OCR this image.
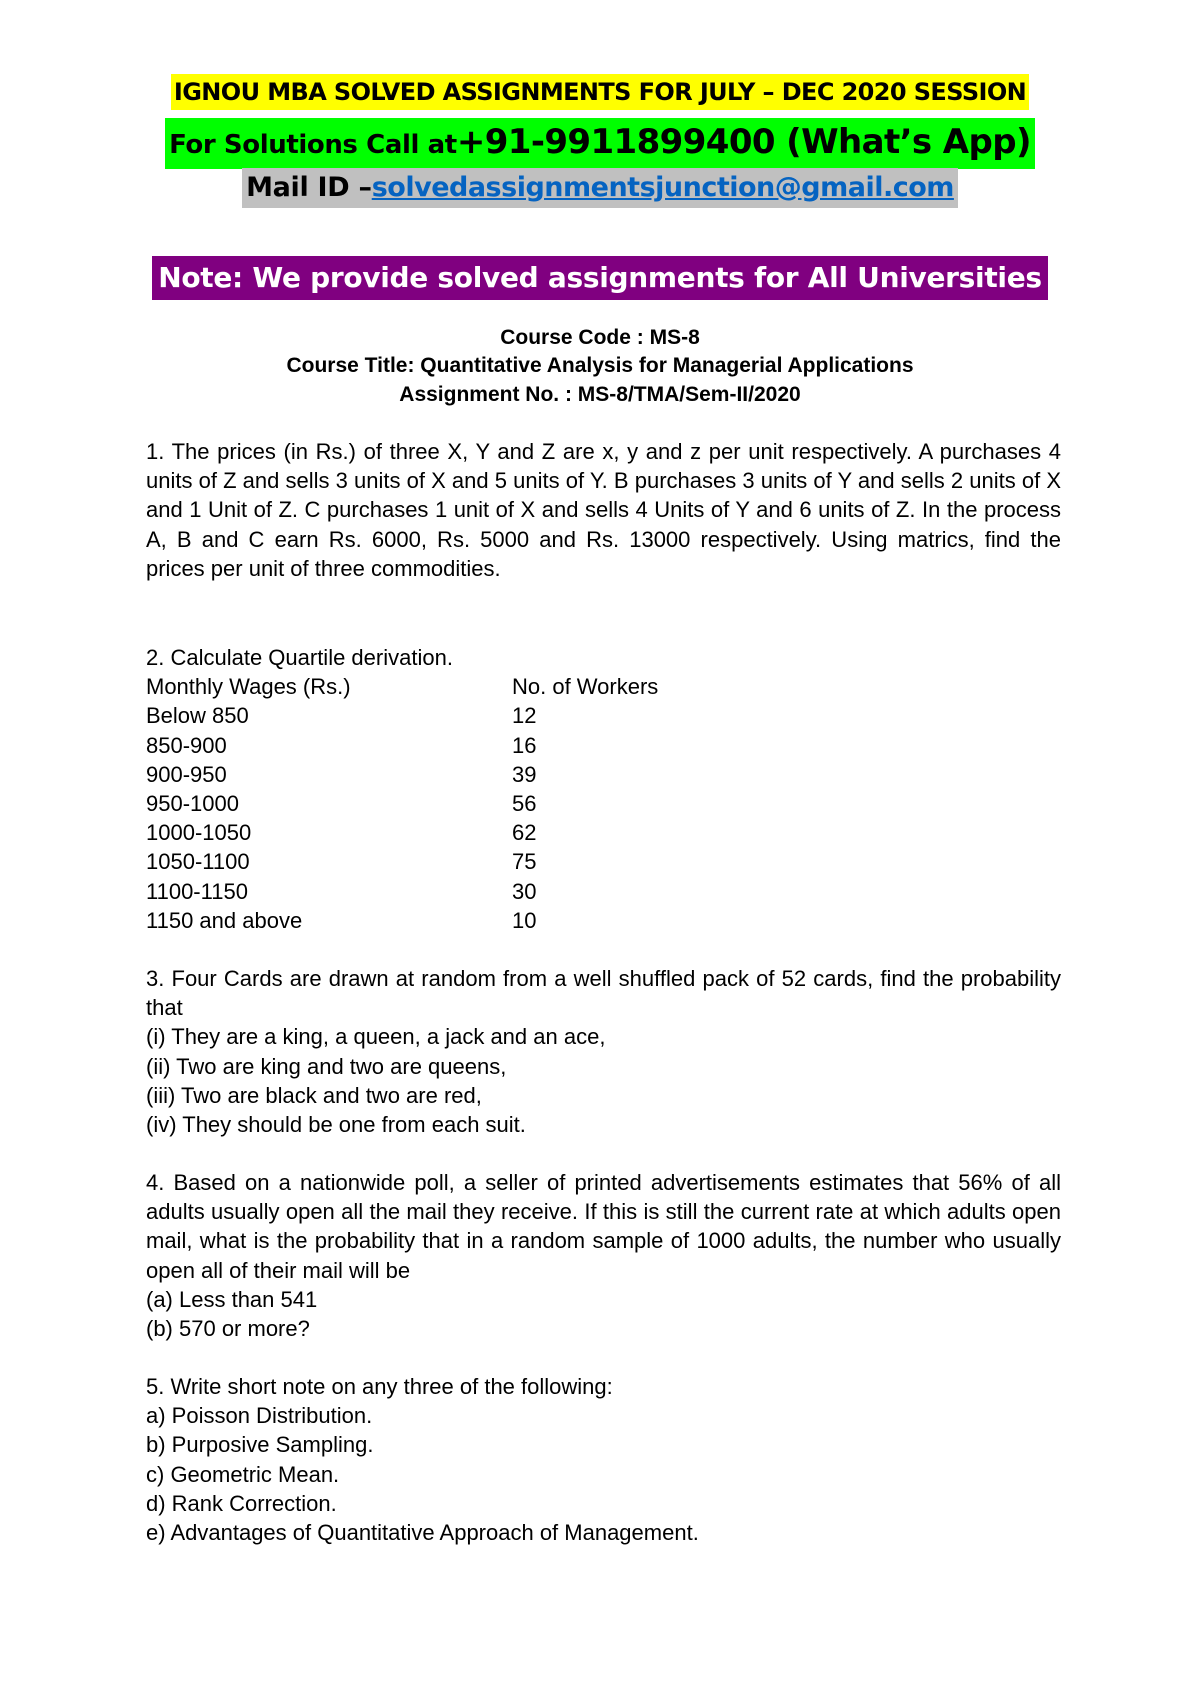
IGNOU MBA SOLVED ASSIGNMENTS FOR JULY – DEC 2020 SESSION
For Solutions Call at+91-9911899400 (What’s App)
Mail ID –solvedassignmentsjunction@gmail.com
Note: We provide solved assignments for All Universities
Course Code : MS-8
Course Title: Quantitative Analysis for Managerial Applications
Assignment No. : MS-8/TMA/Sem-II/2020
1. The prices (in Rs.) of three X, Y and Z are x, y and z per unit respectively. A purchases 4 units of Z and sells 3 units of X and 5 units of Y. B purchases 3 units of Y and sells 2 units of X and 1 Unit of Z. C purchases 1 unit of X and sells 4 Units of Y and 6 units of Z. In the process A, B and C earn Rs. 6000, Rs. 5000 and Rs. 13000 respectively. Using matrics, find the prices per unit of three commodities.
2. Calculate Quartile derivation.
Monthly Wages (Rs.)	No. of Workers
Below 850	12
850-900	16
900-950	39
950-1000	56
1000-1050	62
1050-1100	75
1100-1150	30
1150 and above	10
3. Four Cards are drawn at random from a well shuffled pack of 52 cards, find the probability that
(i) They are a king, a queen, a jack and an ace,
(ii) Two are king and two are queens,
(iii) Two are black and two are red,
(iv) They should be one from each suit.
4. Based on a nationwide poll, a seller of printed advertisements estimates that 56% of all adults usually open all the mail they receive. If this is still the current rate at which adults open mail, what is the probability that in a random sample of 1000 adults, the number who usually open all of their mail will be
(a) Less than 541
(b) 570 or more?
5. Write short note on any three of the following:
a) Poisson Distribution.
b) Purposive Sampling.
c) Geometric Mean.
d) Rank Correction.
e) Advantages of Quantitative Approach of Management.
